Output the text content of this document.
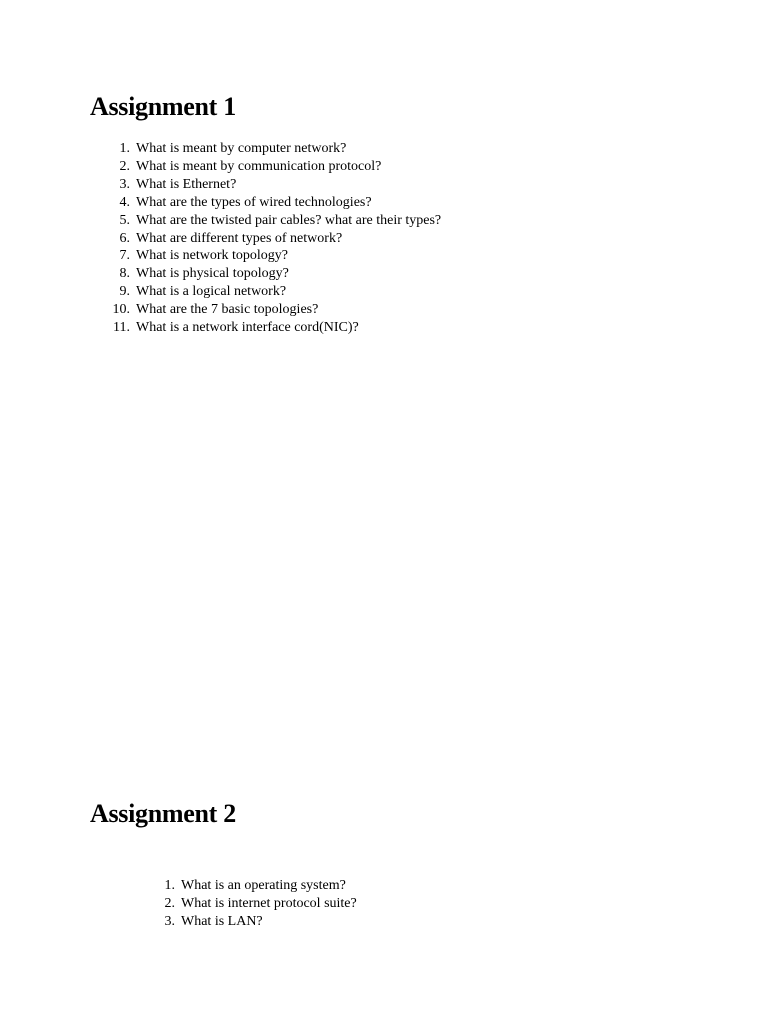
Assignment 1
1. What is meant by computer network?
2. What is meant by communication protocol?
3. What is Ethernet?
4. What are the types of wired technologies?
5. What are the twisted pair cables? what are their types?
6. What are different types of network?
7. What is network topology?
8. What is physical topology?
9. What is a logical network?
10. What are the 7 basic topologies?
11. What is a network interface cord(NIC)?
Assignment 2
1. What is an operating system?
2. What is internet protocol suite?
3. What is LAN?
